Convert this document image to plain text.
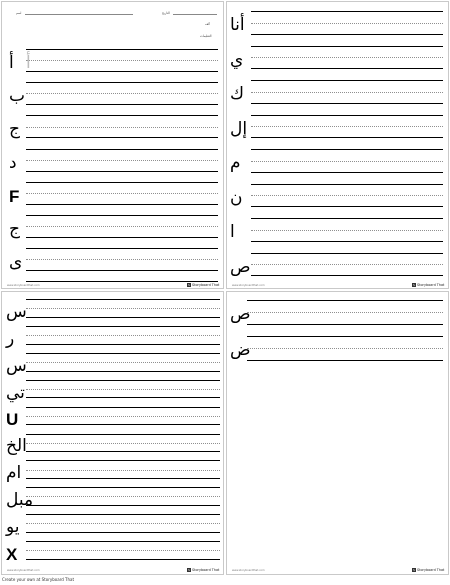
اسم	التاريخ
ألف
التعليمات
www.storyboardthat.com	S Storyboard That
أ أ
ب
ج
د
F
ج
ى
www.storyboardthat.com	S Storyboard That
أنا
ي
ك
إل
م
ن
ا
ص
www.storyboardthat.com	S Storyboard That
س
ر
س
تي
U
الخ
ام
مبل
يو
X
www.storyboardthat.com	S Storyboard That
ص
ض
Create your own at Storyboard That
